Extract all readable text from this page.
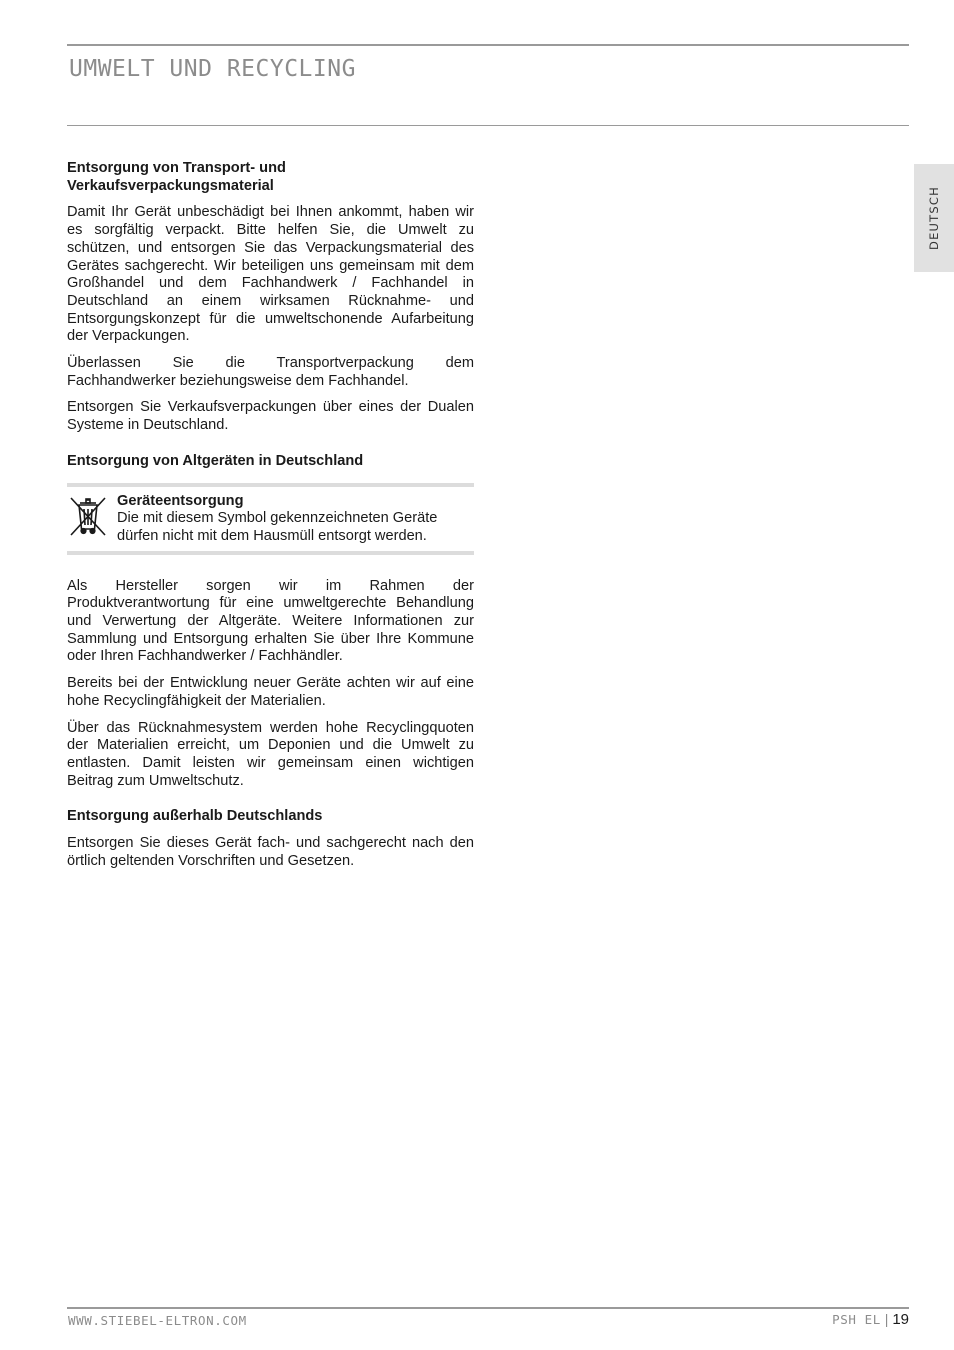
UMWELT UND RECYCLING
DEUTSCH
Entsorgung von Transport- und Verkaufsverpackungsmaterial

Damit Ihr Gerät unbeschädigt bei Ihnen ankommt, haben wir es sorgfältig verpackt. Bitte helfen Sie, die Umwelt zu schützen, und entsorgen Sie das Verpackungsmaterial des Gerätes sachgerecht. Wir beteiligen uns gemeinsam mit dem Großhandel und dem Fachhandwerk / Fachhandel in Deutschland an einem wirksamen Rücknahme- und Entsorgungskonzept für die umweltschonende Aufarbeitung der Verpackungen.

Überlassen Sie die Transportverpackung dem Fachhandwerker beziehungsweise dem Fachhandel.

Entsorgen Sie Verkaufsverpackungen über eines der Dualen Systeme in Deutschland.

Entsorgung von Altgeräten in Deutschland
Geräteentsorgung
Die mit diesem Symbol gekennzeichneten Geräte dürfen nicht mit dem Hausmüll entsorgt werden.

Als Hersteller sorgen wir im Rahmen der Produktverantwortung für eine umweltgerechte Behandlung und Verwertung der Altgeräte. Weitere Informationen zur Sammlung und Entsorgung erhalten Sie über Ihre Kommune oder Ihren Fachhandwerker / Fachhändler.

Bereits bei der Entwicklung neuer Geräte achten wir auf eine hohe Recyclingfähigkeit der Materialien.

Über das Rücknahmesystem werden hohe Recyclingquoten der Materialien erreicht, um Deponien und die Umwelt zu entlasten. Damit leisten wir gemeinsam einen wichtigen Beitrag zum Umweltschutz.

Entsorgung außerhalb Deutschlands

Entsorgen Sie dieses Gerät fach- und sachgerecht nach den örtlich geltenden Vorschriften und Gesetzen.

WWW.STIEBEL-ELTRON.COM	PSH EL | 19
